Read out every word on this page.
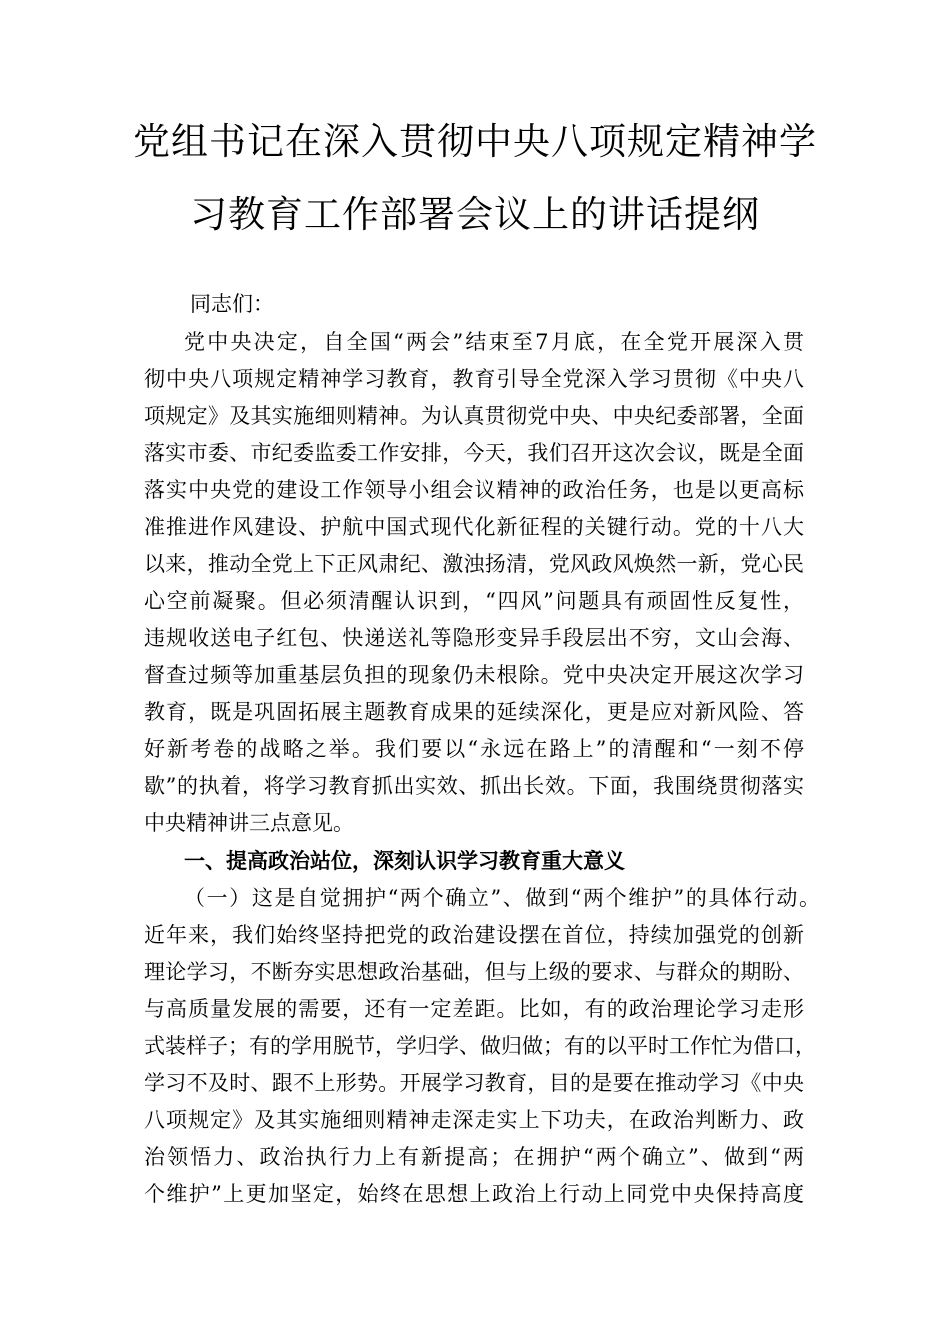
党组书记在深入贯彻中央八项规定精神学
习教育工作部署会议上的讲话提纲
同志们：
党中央决定，自全国“两会”结束至7月底，在全党开展深入贯
彻中央八项规定精神学习教育，教育引导全党深入学习贯彻《中央八
项规定》及其实施细则精神。为认真贯彻党中央、中央纪委部署，全面
落实市委、市纪委监委工作安排，今天，我们召开这次会议，既是全面
落实中央党的建设工作领导小组会议精神的政治任务，也是以更高标
准推进作风建设、护航中国式现代化新征程的关键行动。党的十八大
以来，推动全党上下正风肃纪、激浊扬清，党风政风焕然一新，党心民
心空前凝聚。但必须清醒认识到，“四风”问题具有顽固性反复性，
违规收送电子红包、快递送礼等隐形变异手段层出不穷，文山会海、
督查过频等加重基层负担的现象仍未根除。党中央决定开展这次学习
教育，既是巩固拓展主题教育成果的延续深化，更是应对新风险、答
好新考卷的战略之举。我们要以“永远在路上”的清醒和“一刻不停
歇”的执着，将学习教育抓出实效、抓出长效。下面，我围绕贯彻落实
中央精神讲三点意见。
一、提高政治站位，深刻认识学习教育重大意义
（一）这是自觉拥护“两个确立”、做到“两个维护”的具体行动。
近年来，我们始终坚持把党的政治建设摆在首位，持续加强党的创新
理论学习，不断夯实思想政治基础，但与上级的要求、与群众的期盼、
与高质量发展的需要，还有一定差距。比如，有的政治理论学习走形
式装样子；有的学用脱节，学归学、做归做；有的以平时工作忙为借口，
学习不及时、跟不上形势。开展学习教育，目的是要在推动学习《中央
八项规定》及其实施细则精神走深走实上下功夫，在政治判断力、政
治领悟力、政治执行力上有新提高；在拥护“两个确立”、做到“两
个维护”上更加坚定，始终在思想上政治上行动上同党中央保持高度
